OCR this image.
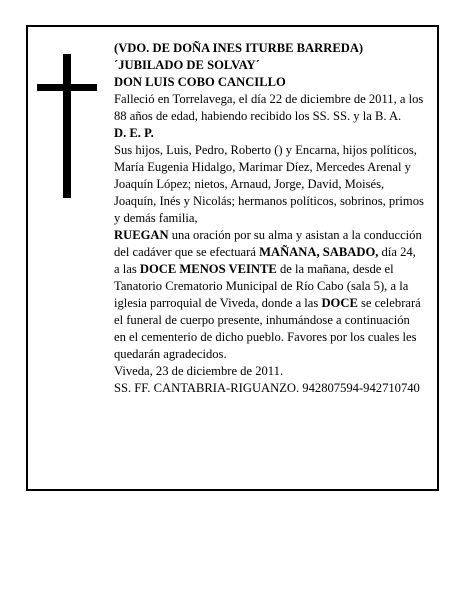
(VDO. DE DOÑA INES ITURBE BARREDA)

´JUBILADO DE SOLVAY´

DON LUIS COBO CANCILLO

Falleció en Torrelavega, el día 22 de diciembre de 2011, a los 88 años de edad, habiendo recibido los SS. SS. y la B. A.

D. E. P.

Sus hijos, Luis, Pedro, Roberto () y Encarna, hijos políticos, María Eugenia Hidalgo, Marimar Díez, Mercedes Arenal y Joaquín López; nietos, Arnaud, Jorge, David, Moisés, Joaquín, Inés y Nicolás; hermanos políticos, sobrinos, primos y demás familia,

RUEGAN una oración por su alma y asistan a la conducción del cadáver que se efectuará MAÑANA, SABADO, día 24, a las DOCE MENOS VEINTE de la mañana, desde el Tanatorio Crematorio Municipal de Río Cabo (sala 5), a la iglesia parroquial de Viveda, donde a las DOCE se celebrará el funeral de cuerpo presente, inhumándose a continuación en el cementerio de dicho pueblo. Favores por los cuales les quedarán agradecidos.

Viveda, 23 de diciembre de 2011.

SS. FF. CANTABRIA-RIGUANZO. 942807594-942710740
